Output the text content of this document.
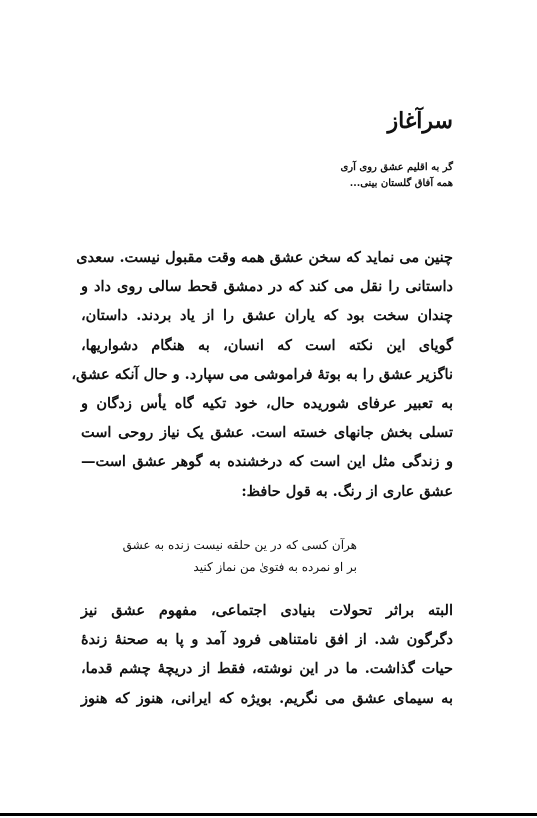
سرآغاز
گر به اقلیم عشق روی آری
همه آفاق گلستان بینی...
چنین می نماید که سخن عشق همه وقت مقبول نیست. سعدی
داستانی را نقل می کند که در دمشق قحط سالی روی داد و
چندان سخت بود که یاران عشق را از یاد بردند. داستان،
گویای این نکته است که انسان، به هنگام دشواریها،
ناگزیر عشق را به بوتهٔ فراموشی می سپارد. و حال آنکه عشق،
به تعبیر عرفای شوریده حال، خود تکیه گاه یأس زدگان و
تسلی بخش جانهای خسته است. عشق یک نیاز روحی است
و زندگی مثل این است که درخشنده به گوهر عشق است—
عشق عاری از رنگ. به قول حافظ:
هرآن کسی که در ین حلقه نیست زنده به عشق
بر او نمرده به فتویٰ من نماز کنید
البته براثر تحولات بنیادی اجتماعی، مفهوم عشق نیز
دگرگون شد. از افق نامتناهی فرود آمد و پا به صحنهٔ زندهٔ
حیات گذاشت. ما در این نوشته، فقط از دریچهٔ چشم قدما،
به سیمای عشق می نگریم. بویژه که ایرانی، هنوز که هنوز
